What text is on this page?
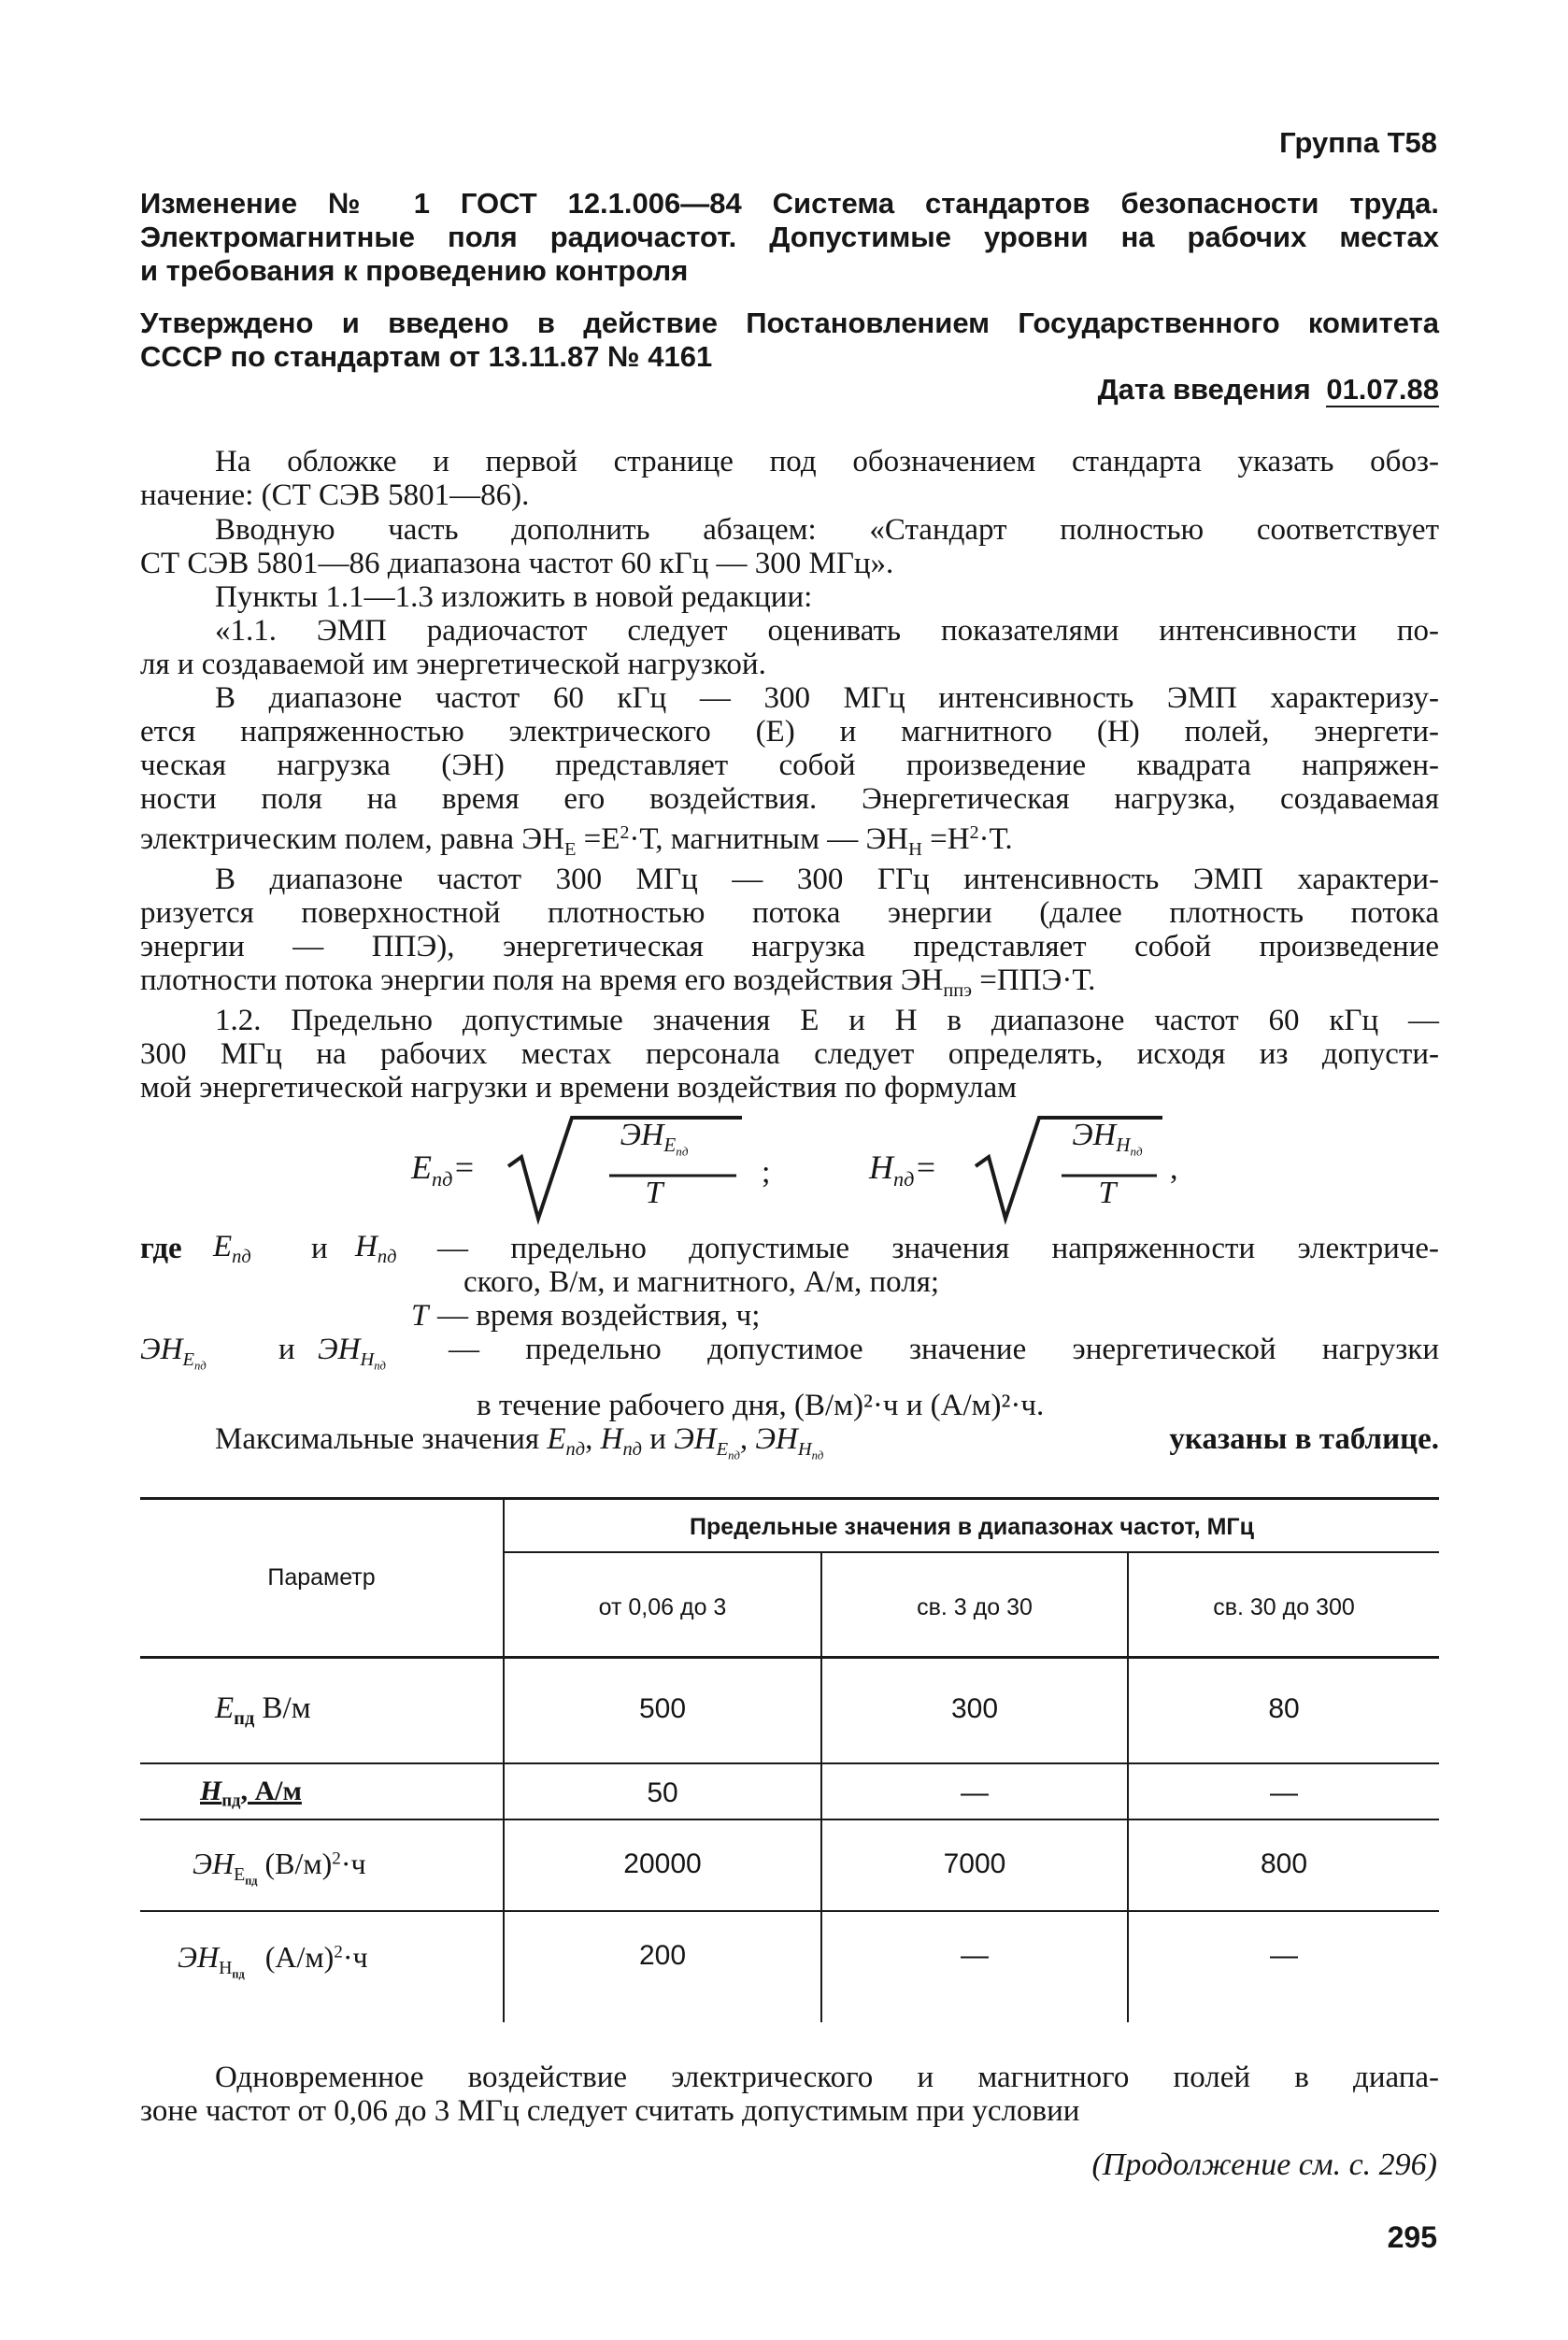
Группа Т58
Изменение № 1 ГОСТ 12.1.006—84 Система стандартов безопасности труда.
Электромагнитные поля радиочастот. Допустимые уровни на рабочих местах
и требования к проведению контроля
Утверждено и введено в действие Постановлением Государственного комитета
СССР по стандартам от 13.11.87 № 4161
Дата введения 01.07.88
На обложке и первой странице под обозначением стандарта указать обоз-
начение: (СТ СЭВ 5801—86).
Вводную часть дополнить абзацем: «Стандарт полностью соответствует
СТ СЭВ 5801—86 диапазона частот 60 кГц — 300 МГц».
Пункты 1.1—1.3 изложить в новой редакции:
«1.1. ЭМП радиочастот следует оценивать показателями интенсивности по-
ля и создаваемой им энергетической нагрузкой.
В диапазоне частот 60 кГц — 300 МГц интенсивность ЭМП характеризу-
ется напряженностью электрического (Е) и магнитного (Н) полей, энергети-
ческая нагрузка (ЭН) представляет собой произведение квадрата напряжен-
ности поля на время его воздействия. Энергетическая нагрузка, создаваемая
электрическим полем, равна $ЭН_Е =Е^2\cdot Т$, магнитным — $ЭН_Н =Н^2\cdot Т$.
В диапазоне частот 300 МГц — 300 ГГц интенсивность ЭМП характери-
ризуется поверхностной плотностью потока энергии (далее плотность потока
энергии — ППЭ), энергетическая нагрузка представляет собой произведение
плотности потока энергии поля на время его воздействия $ЭН_{ппэ} =ППЭ\cdot Т$.
1.2. Предельно допустимые значения Е и Н в диапазоне частот 60 кГц —
300 МГц на рабочих местах персонала следует определять, исходя из допусти-
мой энергетической нагрузки и времени воздействия по формулам
$E_{пд}=$
$ЭН_{Е_{пд}}$
T
;	$H_{пд}=$
$ЭН_{Н_{пд}}$
T
,
где $E_{пд}$ и $H_{пд}$ — предельно допустимые значения напряженности электриче-
ского, В/м, и магнитного, А/м, поля;
T — время воздействия, ч;
$ЭН_{Е_{пд}}$ и $ЭН_{Н_{пд}}$ — предельно допустимое значение энергетической нагрузки
в течение рабочего дня, (В/м)²·ч и (А/м)²·ч.
Максимальные значения $E_{пд}$, $H_{пд}$ и $ЭН_{Е_{пд}}$, $ЭН_{Н_{пд}}$	указаны в таблице.
Параметр
Предельные значения в диапазонах частот, МГц
от 0,06 до 3	св. 3 до 30	св. 30 до 300
$E_{пд}$ В/м	500	300	80
$H_{пд}$, А/м	50	—	—
$ЭН_{Е_{пд}}$ $(В/м)^2\cdot ч$	20000	7000	800
$ЭН_{Н_{пд}}$ $(А/м)^2\cdot ч$	200	—	—
Одновременное воздействие электрического и магнитного полей в диапа-
зоне частот от 0,06 до 3 МГц следует считать допустимым при условии
(Продолжение см. с. 296)
295
